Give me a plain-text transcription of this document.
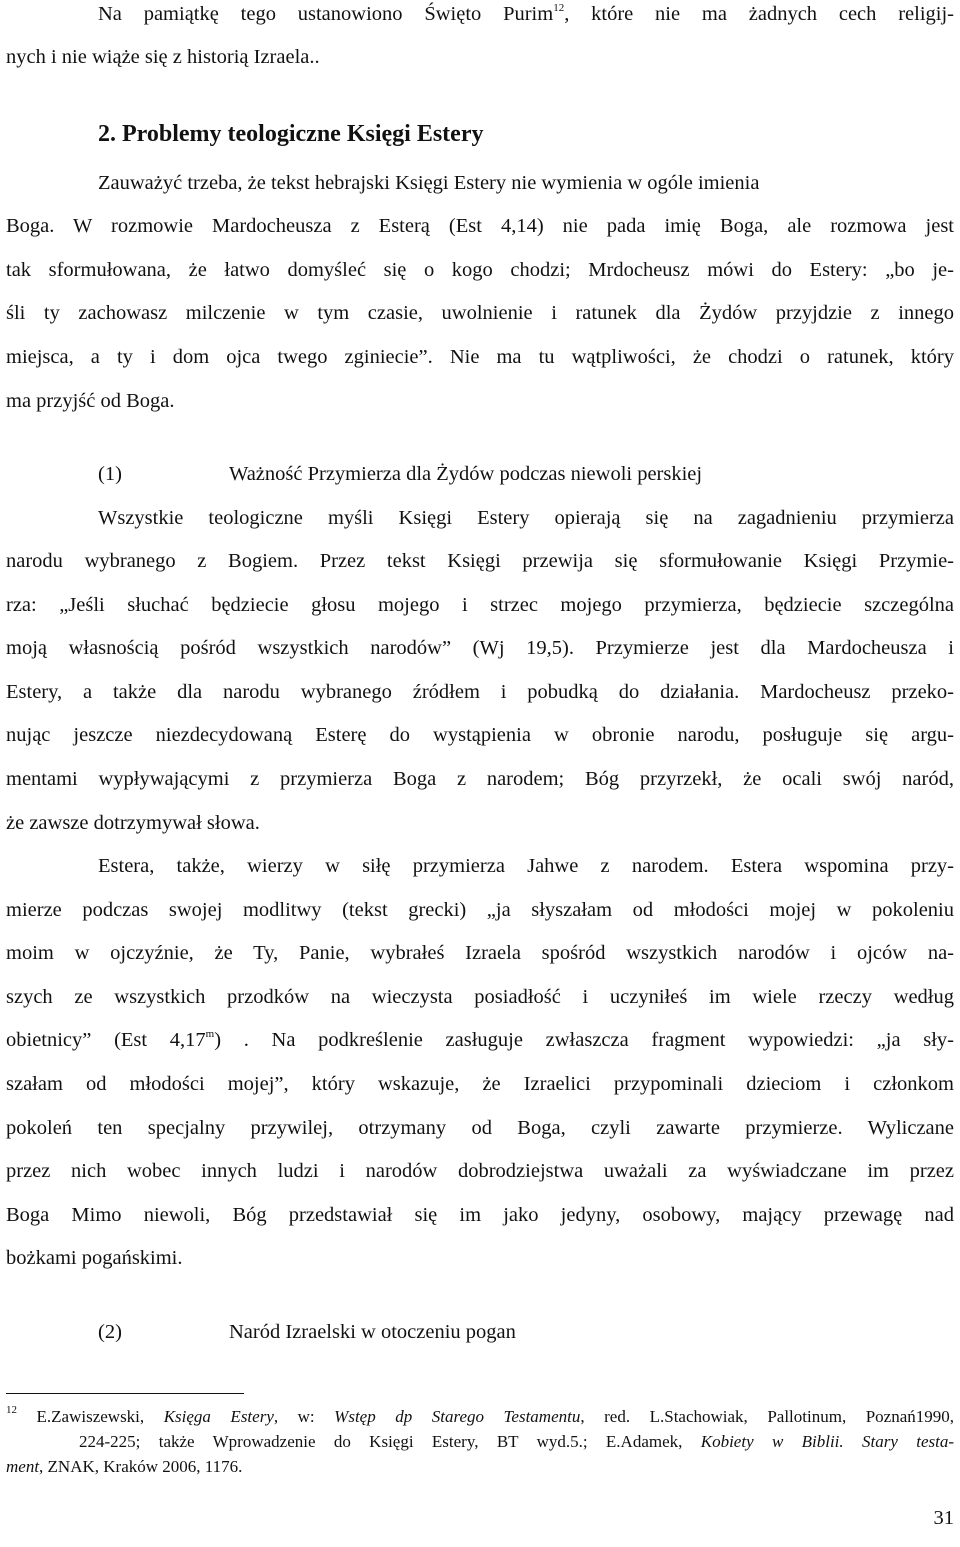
Na pamiątkę tego ustanowiono Święto Purim$^{12}$, które nie ma żadnych cech religij-
nych i nie wiąże się z historią Izraela..
2. Problemy teologiczne Księgi Estery
Zauważyć trzeba, że tekst hebrajski Księgi Estery nie wymienia w ogóle imienia
Boga. W rozmowie Mardocheusza z Esterą (Est 4,14) nie pada imię Boga, ale rozmowa jest
tak sformułowana, że łatwo domyśleć się o kogo chodzi; Mrdocheusz mówi do Estery: „bo je-
śli ty zachowasz milczenie w tym czasie, uwolnienie i ratunek dla Żydów przyjdzie z innego
miejsca, a ty i dom ojca twego zginiecie”. Nie ma tu wątpliwości, że chodzi o ratunek, który
ma przyjść od Boga.
(1)	Ważność Przymierza dla Żydów podczas niewoli perskiej
Wszystkie teologiczne myśli Księgi Estery opierają się na zagadnieniu przymierza
narodu wybranego z Bogiem. Przez tekst Księgi przewija się sformułowanie Księgi Przymie-
rza: „Jeśli słuchać będziecie głosu mojego i strzec mojego przymierza, będziecie szczególna
moją własnością pośród wszystkich narodów” (Wj 19,5). Przymierze jest dla Mardocheusza i
Estery, a także dla narodu wybranego źródłem i pobudką do działania. Mardocheusz przeko-
nując jeszcze niezdecydowaną Esterę do wystąpienia w obronie narodu, posługuje się argu-
mentami wypływającymi z przymierza Boga z narodem; Bóg przyrzekł, że ocali swój naród,
że zawsze dotrzymywał słowa.
Estera, także, wierzy w siłę przymierza Jahwe z narodem. Estera wspomina przy-
mierze podczas swojej modlitwy (tekst grecki) „ja słyszałam od młodości mojej w pokoleniu
moim w ojczyźnie, że Ty, Panie, wybrałeś Izraela spośród wszystkich narodów i ojców na-
szych ze wszystkich przodków na wieczysta posiadłość i uczyniłeś im wiele rzeczy według
obietnicy” (Est 4,17$^m$) . Na podkreślenie zasługuje zwłaszcza fragment wypowiedzi: „ja sły-
szałam od młodości mojej”, który wskazuje, że Izraelici przypominali dzieciom i członkom
pokoleń ten specjalny przywilej, otrzymany od Boga, czyli zawarte przymierze. Wyliczane
przez nich wobec innych ludzi i narodów dobrodziejstwa uważali za wyświadczane im przez
Boga Mimo niewoli, Bóg przedstawiał się im jako jedyny, osobowy, mający przewagę nad
bożkami pogańskimi.
(2)	Naród Izraelski w otoczeniu pogan
$^{12}$ E.Zawiszewski, Księga Estery, w: Wstęp dp Starego Testamentu, red. L.Stachowiak, Pallotinum, Poznań1990,
224-225; także Wprowadzenie do Księgi Estery, BT wyd.5.; E.Adamek, Kobiety w Biblii. Stary testa-
ment, ZNAK, Kraków 2006, 1176.
31
